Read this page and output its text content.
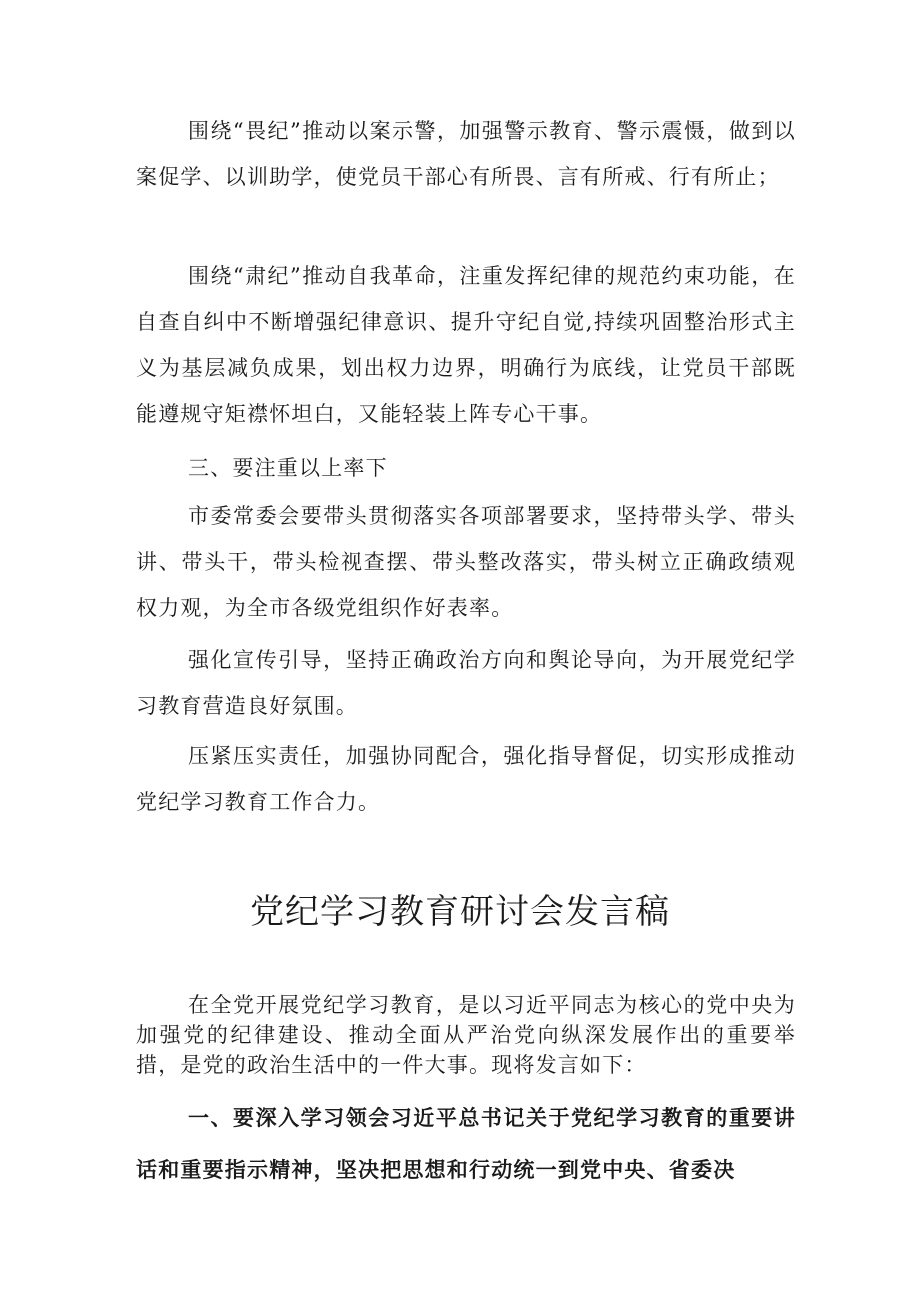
围绕“畏纪”推动以案示警，加强警示教育、警示震慑，做到以案促学、以训助学，使党员干部心有所畏、言有所戒、行有所止；

围绕“肃纪”推动自我革命，注重发挥纪律的规范约束功能，在自查自纠中不断增强纪律意识、提升守纪自觉,持续巩固整治形式主义为基层减负成果，划出权力边界，明确行为底线，让党员干部既能遵规守矩襟怀坦白，又能轻装上阵专心干事。

三、要注重以上率下

市委常委会要带头贯彻落实各项部署要求，坚持带头学、带头讲、带头干，带头检视查摆、带头整改落实，带头树立正确政绩观权力观，为全市各级党组织作好表率。

强化宣传引导，坚持正确政治方向和舆论导向，为开展党纪学习教育营造良好氛围。

压紧压实责任，加强协同配合，强化指导督促，切实形成推动党纪学习教育工作合力。

党纪学习教育研讨会发言稿

在全党开展党纪学习教育，是以习近平同志为核心的党中央为加强党的纪律建设、推动全面从严治党向纵深发展作出的重要举措，是党的政治生活中的一件大事。现将发言如下：

一、要深入学习领会习近平总书记关于党纪学习教育的重要讲话和重要指示精神，坚决把思想和行动统一到党中央、省委决
